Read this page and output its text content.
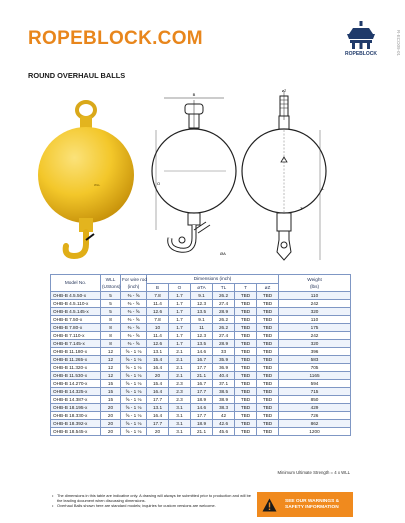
ROPEBLOCK.COM
ROPEBLOCK	R-ECO09-01
ROUND OVERHAUL BALLS
WLL
B
O
ØA
øZ
L
T
Model No.	WLL
(UStons)	For wire rod
(inch)	Dimensions (inch)						Weight
(lbs)
			B	O	øTA	TL	T	øZ	
OHB-B 4.5.50-x	5	⅜ - ⅝	7.8	1.7	9.1	26.2	TBD	TBD	110
OHB-B 4.5.110-x	5	⅜ - ⅝	11.4	1.7	12.3	27.4	TBD	TBD	242
OHB-B 4.5.145-x	5	⅜ - ⅝	12.6	1.7	13.5	28.9	TBD	TBD	320
OHB-B 7.50-x	8	⅜ - ⅝	7.8	1.7	9.1	26.2	TBD	TBD	110
OHB-B 7.80-x	8	⅜ - ⅝	10	1.7	11	26.2	TBD	TBD	175
OHB-B 7.110-x	8	⅜ - ⅝	11.4	1.7	12.3	27.4	TBD	TBD	242
OHB-B 7.145-x	8	⅜ - ⅝	12.6	1.7	13.5	28.9	TBD	TBD	320
OHB-B 11.180-x	12	⅝ - 1 ⅛	13.1	2.1	14.6	33	TBD	TBD	396
OHB-B 11.265-x	12	⅝ - 1 ⅛	15.4	2.1	16.7	35.9	TBD	TBD	583
OHB-B 11.320-x	12	⅝ - 1 ⅛	16.4	2.1	17.7	36.9	TBD	TBD	705
OHB-B 11.530-x	12	⅝ - 1 ⅛	20	2.1	21.1	40.4	TBD	TBD	1165
OHB-B 14.270-x	15	⅝ - 1 ⅛	15.4	2.3	16.7	37.1	TBD	TBD	594
OHB-B 14.325-x	15	⅝ - 1 ⅛	16.4	2.3	17.7	38.5	TBD	TBD	715
OHB-B 14.387-x	15	⅝ - 1 ⅛	17.7	2.3	18.9	38.9	TBD	TBD	850
OHB-B 18.195-x	20	⅝ - 1 ⅛	13.1	3.1	14.6	38.3	TBD	TBD	429
OHB-B 18.330-x	20	⅝ - 1 ⅛	16.4	3.1	17.7	42	TBD	TBD	726
OHB-B 18.392-x	20	⅝ - 1 ⅛	17.7	3.1	18.9	42.6	TBD	TBD	862
OHB-B 18.545-x	20	⅝ - 1 ⅛	20	3.1	21.1	45.6	TBD	TBD	1200
Minimum Ultimate Strength = 4 x WLL
• The dimensions in this table are indicative only. A drawing will always be submitted prior to production and will be the leading document when discussing dimensions.
• Overhaul Balls shown here are standard models; inquiries for custom versions are welcome.
SEE OUR WARNINGS &
SAFETY INFORMATION
